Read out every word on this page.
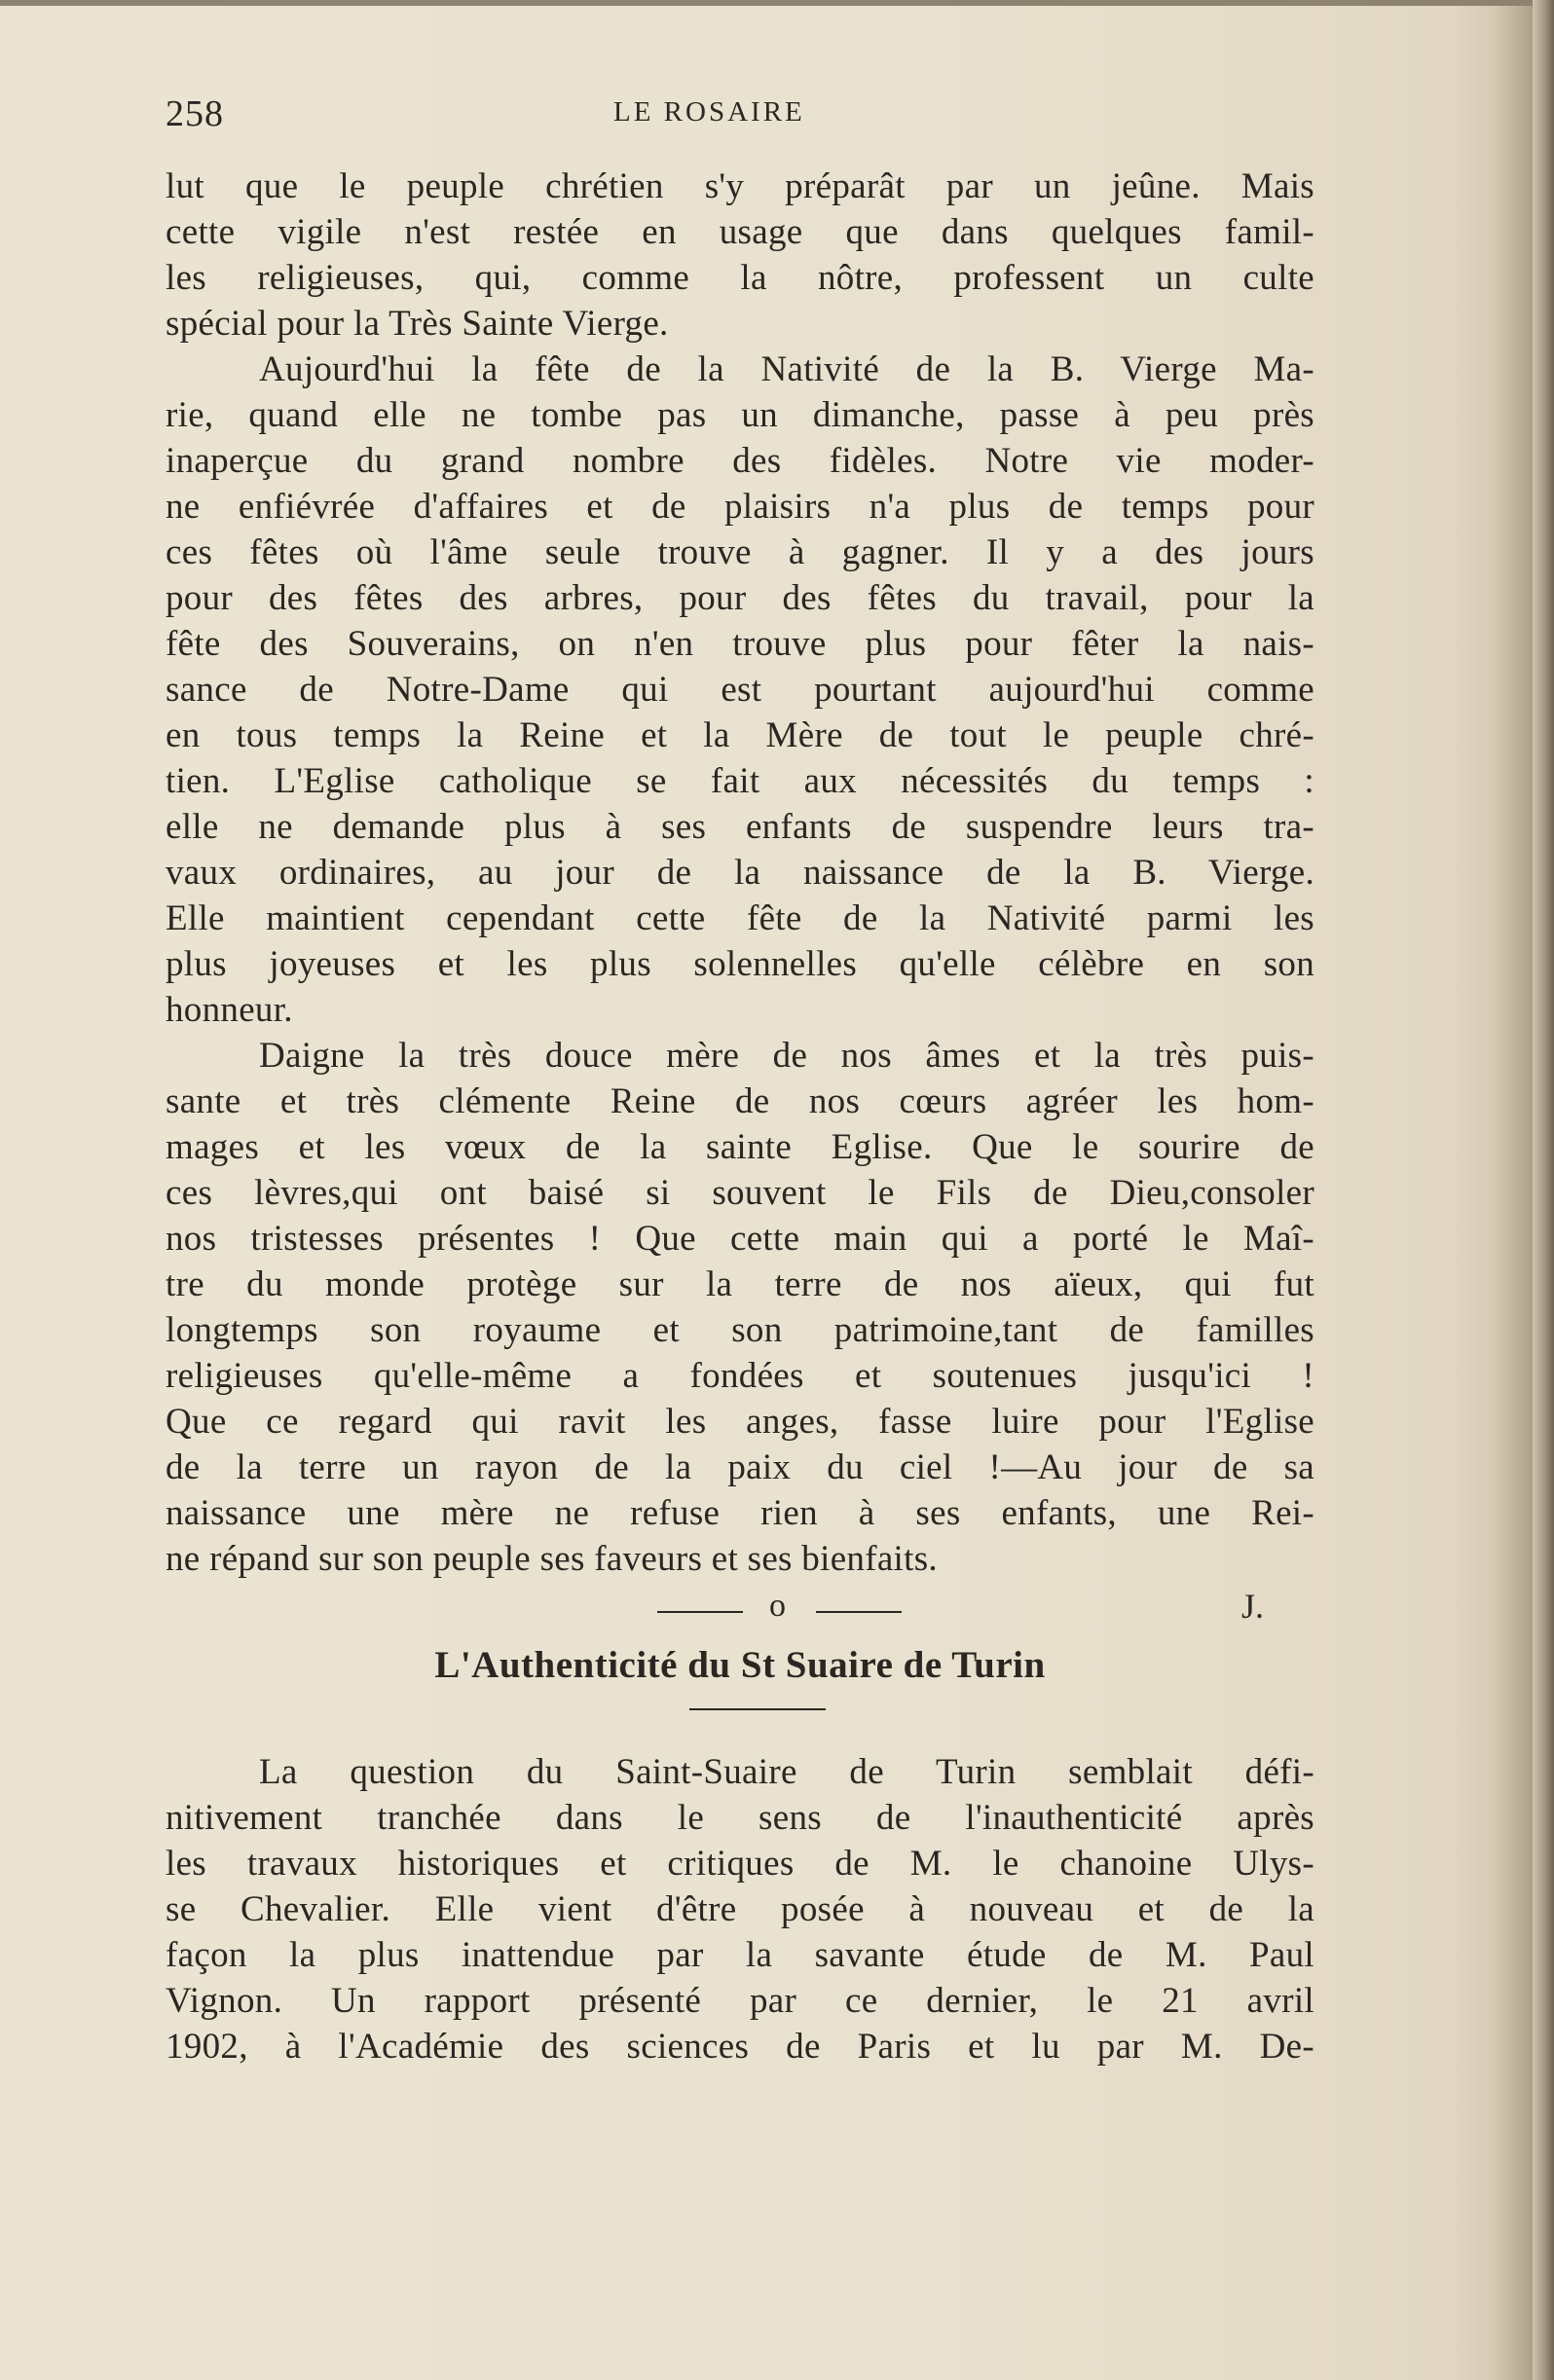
258	LE ROSAIRE
lut que le peuple chrétien s'y préparât par un jeûne. Mais
cette vigile n'est restée en usage que dans quelques famil-
les religieuses, qui, comme la nôtre, professent un culte
spécial pour la Très Sainte Vierge.
Aujourd'hui la fête de la Nativité de la B. Vierge Ma-
rie, quand elle ne tombe pas un dimanche, passe à peu près
inaperçue du grand nombre des fidèles. Notre vie moder-
ne enfiévrée d'affaires et de plaisirs n'a plus de temps pour
ces fêtes où l'âme seule trouve à gagner. Il y a des jours
pour des fêtes des arbres, pour des fêtes du travail, pour la
fête des Souverains, on n'en trouve plus pour fêter la nais-
sance de Notre-Dame qui est pourtant aujourd'hui comme
en tous temps la Reine et la Mère de tout le peuple chré-
tien. L'Eglise catholique se fait aux nécessités du temps :
elle ne demande plus à ses enfants de suspendre leurs tra-
vaux ordinaires, au jour de la naissance de la B. Vierge.
Elle maintient cependant cette fête de la Nativité parmi les
plus joyeuses et les plus solennelles qu'elle célèbre en son
honneur.
Daigne la très douce mère de nos âmes et la très puis-
sante et très clémente Reine de nos cœurs agréer les hom-
mages et les vœux de la sainte Eglise. Que le sourire de
ces lèvres,qui ont baisé si souvent le Fils de Dieu,consoler
nos tristesses présentes ! Que cette main qui a porté le Maî-
tre du monde protège sur la terre de nos aïeux, qui fut
longtemps son royaume et son patrimoine,tant de familles
religieuses qu'elle-même a fondées et soutenues jusqu'ici !
Que ce regard qui ravit les anges, fasse luire pour l'Eglise
de la terre un rayon de la paix du ciel !—Au jour de sa
naissance une mère ne refuse rien à ses enfants, une Rei-
ne répand sur son peuple ses faveurs et ses bienfaits.
o	J.
L'Authenticité du St Suaire de Turin
La question du Saint-Suaire de Turin semblait défi-
nitivement tranchée dans le sens de l'inauthenticité après
les travaux historiques et critiques de M. le chanoine Ulys-
se Chevalier. Elle vient d'être posée à nouveau et de la
façon la plus inattendue par la savante étude de M. Paul
Vignon. Un rapport présenté par ce dernier, le 21 avril
1902, à l'Académie des sciences de Paris et lu par M. De-
